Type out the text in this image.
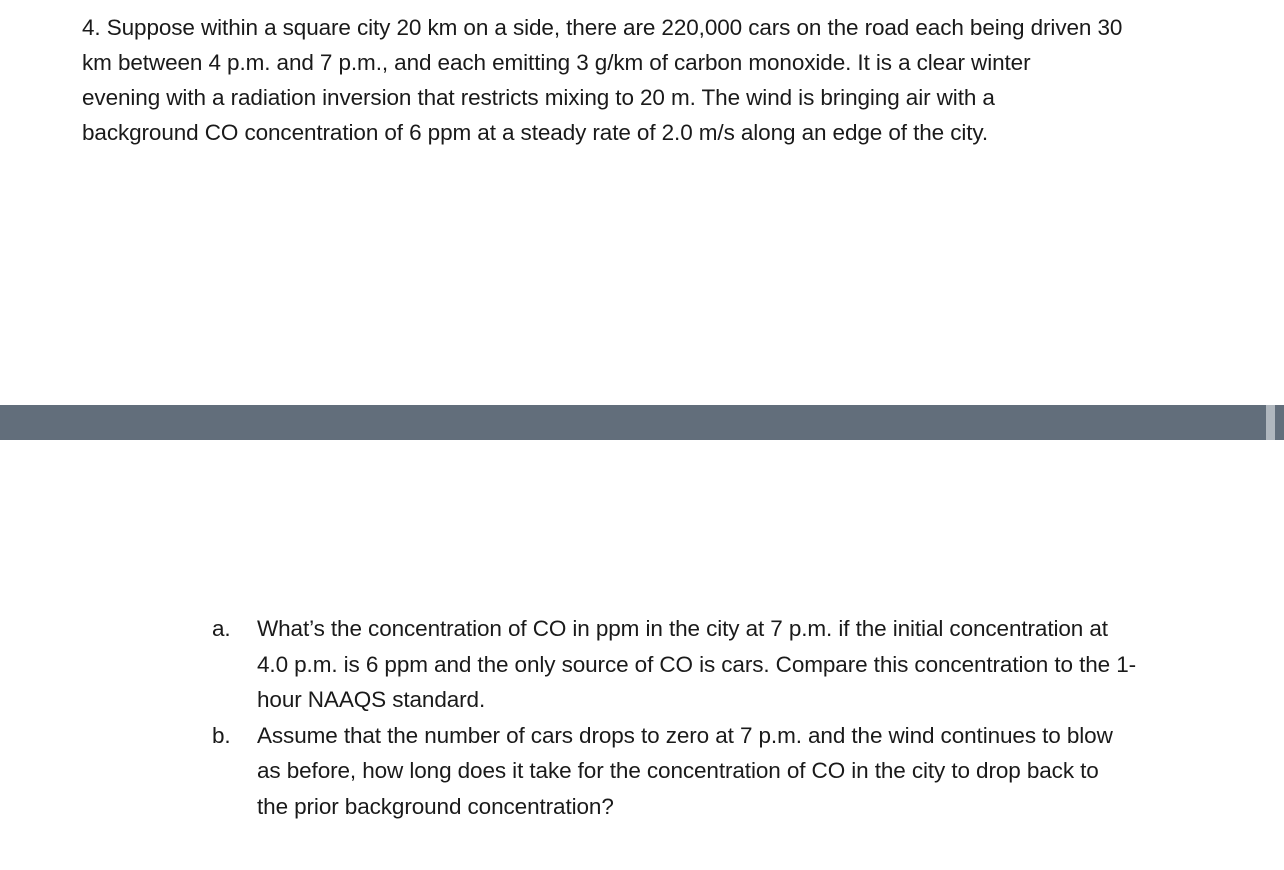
4. Suppose within a square city 20 km on a side, there are 220,000 cars on the road each being driven 30
km between 4 p.m. and 7 p.m., and each emitting 3 g/km of carbon monoxide. It is a clear winter
evening with a radiation inversion that restricts mixing to 20 m. The wind is bringing air with a
background CO concentration of 6 ppm at a steady rate of 2.0 m/s along an edge of the city.
a. What’s the concentration of CO in ppm in the city at 7 p.m. if the initial concentration at
4.0 p.m. is 6 ppm and the only source of CO is cars. Compare this concentration to the 1-
hour NAAQS standard.
b. Assume that the number of cars drops to zero at 7 p.m. and the wind continues to blow
as before, how long does it take for the concentration of CO in the city to drop back to
the prior background concentration?
